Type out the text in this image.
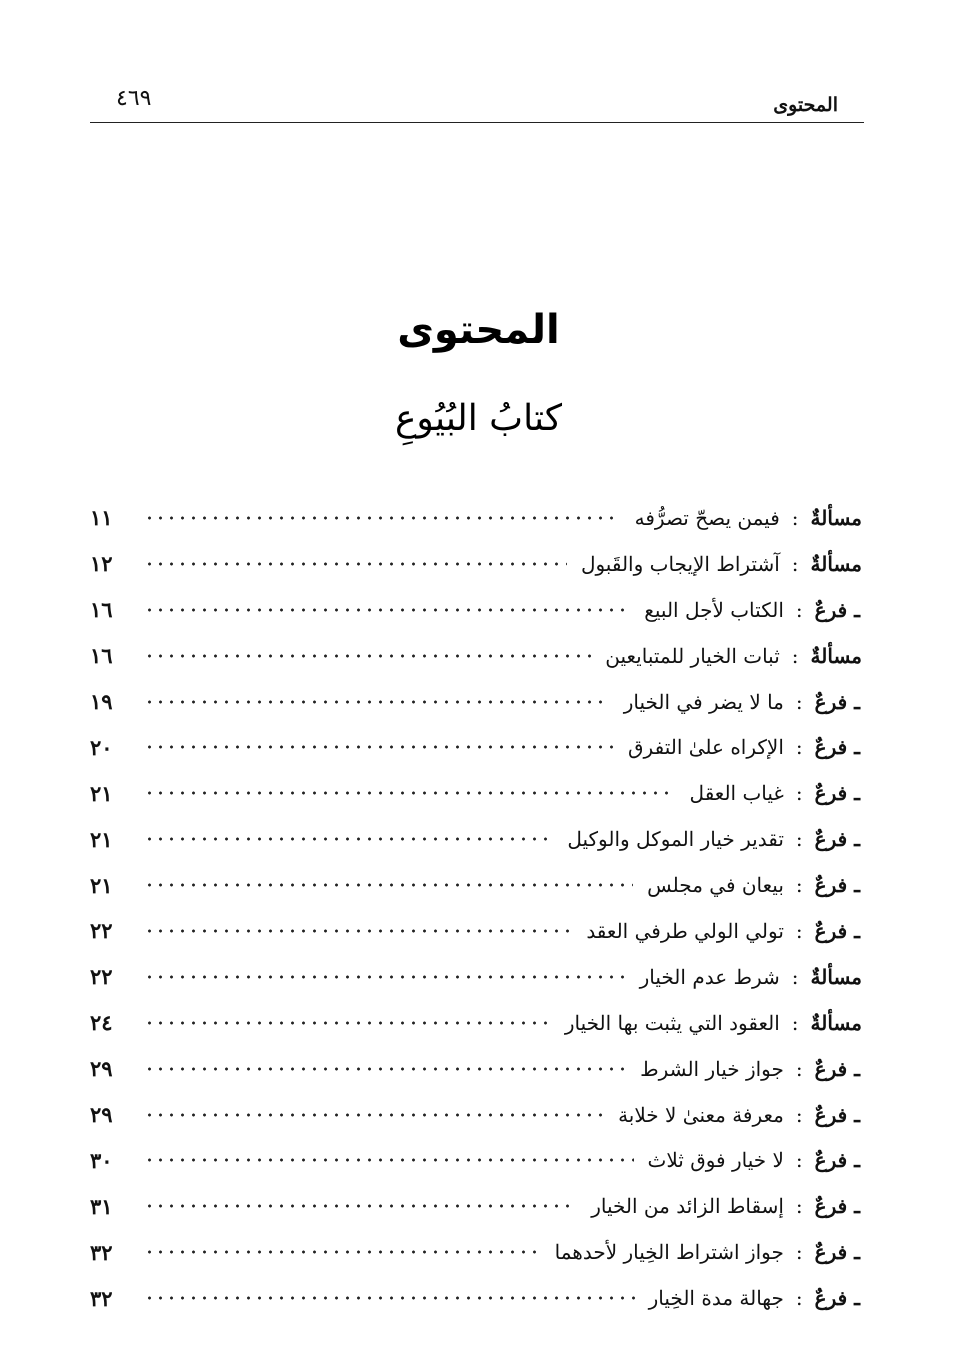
المحتوى
٤٦٩
المحتوى
كتابُ البُيُوعِ
مسألةٌ
:
فيمن يصحّ تصرُّفه
١١
مسألةٌ
:
آشتراط الإيجاب والقَبول
١٢
ـ فرعٌ
:
الكتاب لأجل البيع
١٦
مسألةٌ
:
ثبات الخيار للمتبايعين
١٦
ـ فرعٌ
:
ما لا يضر في الخيار
١٩
ـ فرعٌ
:
الإكراه علىٰ التفرق
٢٠
ـ فرعٌ
:
غياب العقل
٢١
ـ فرعٌ
:
تقدير خيار الموكل والوكيل
٢١
ـ فرعٌ
:
بيعان في مجلس
٢١
ـ فرعٌ
:
تولي الولي طرفي العقد
٢٢
مسألةٌ
:
شرط عدم الخيار
٢٢
مسألةٌ
:
العقود التي يثبت بها الخيار
٢٤
ـ فرعٌ
:
جواز خيار الشرط
٢٩
ـ فرعٌ
:
معرفة معنىٰ لا خلابة
٢٩
ـ فرعٌ
:
لا خيار فوق ثلاث
٣٠
ـ فرعٌ
:
إسقاط الزائد من الخيار
٣١
ـ فرعٌ
:
جواز اشتراط الخِيار لأحدهما
٣٢
ـ فرعٌ
:
جهالة مدة الخِيار
٣٢
